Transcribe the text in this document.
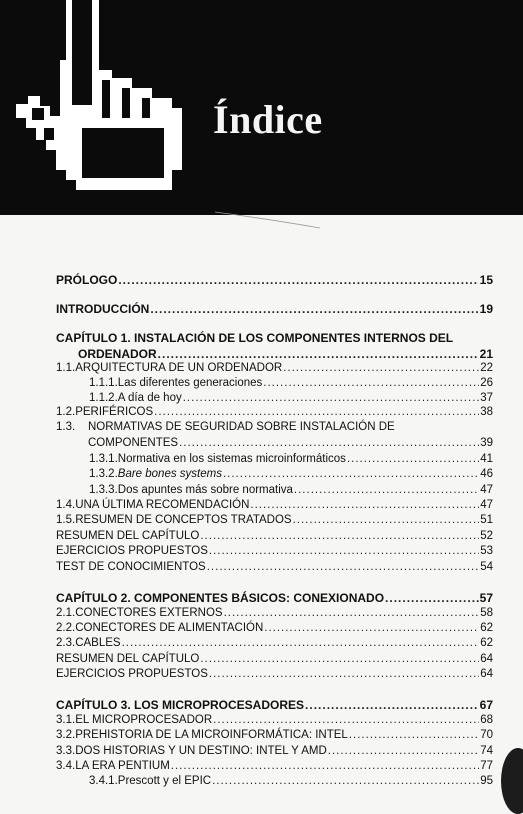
Índice
PRÓLOGO .....	15
INTRODUCCIÓN .....	19
CAPÍTULO 1. INSTALACIÓN DE LOS COMPONENTES INTERNOS DEL
ORDENADOR .....	21
1.1. ARQUITECTURA DE UN ORDENADOR .....	22
1.1.1. Las diferentes generaciones .....	26
1.1.2. A día de hoy .....	37
1.2. PERIFÉRICOS .....	38
1.3.	NORMATIVAS DE SEGURIDAD SOBRE INSTALACIÓN DE
COMPONENTES .....	39
1.3.1. Normativa en los sistemas microinformáticos .....	41
1.3.2. Bare bones systems .....	46
1.3.3. Dos apuntes más sobre normativa .....	47
1.4. UNA ÚLTIMA RECOMENDACIÓN .....	47
1.5. RESUMEN DE CONCEPTOS TRATADOS .....	51
RESUMEN DEL CAPÍTULO .....	52
EJERCICIOS PROPUESTOS .....	53
TEST DE CONOCIMIENTOS .....	54
CAPÍTULO 2. COMPONENTES BÁSICOS: CONEXIONADO .....	57
2.1. CONECTORES EXTERNOS .....	58
2.2. CONECTORES DE ALIMENTACIÓN .....	62
2.3. CABLES .....	62
RESUMEN DEL CAPÍTULO .....	64
EJERCICIOS PROPUESTOS .....	64
CAPÍTULO 3. LOS MICROPROCESADORES .....	67
3.1. EL MICROPROCESADOR .....	68
3.2. PREHISTORIA DE LA MICROINFORMÁTICA: INTEL .....	70
3.3. DOS HISTORIAS Y UN DESTINO: INTEL Y AMD .....	74
3.4. LA ERA PENTIUM .....	77
3.4.1. Prescott y el EPIC .....	95
